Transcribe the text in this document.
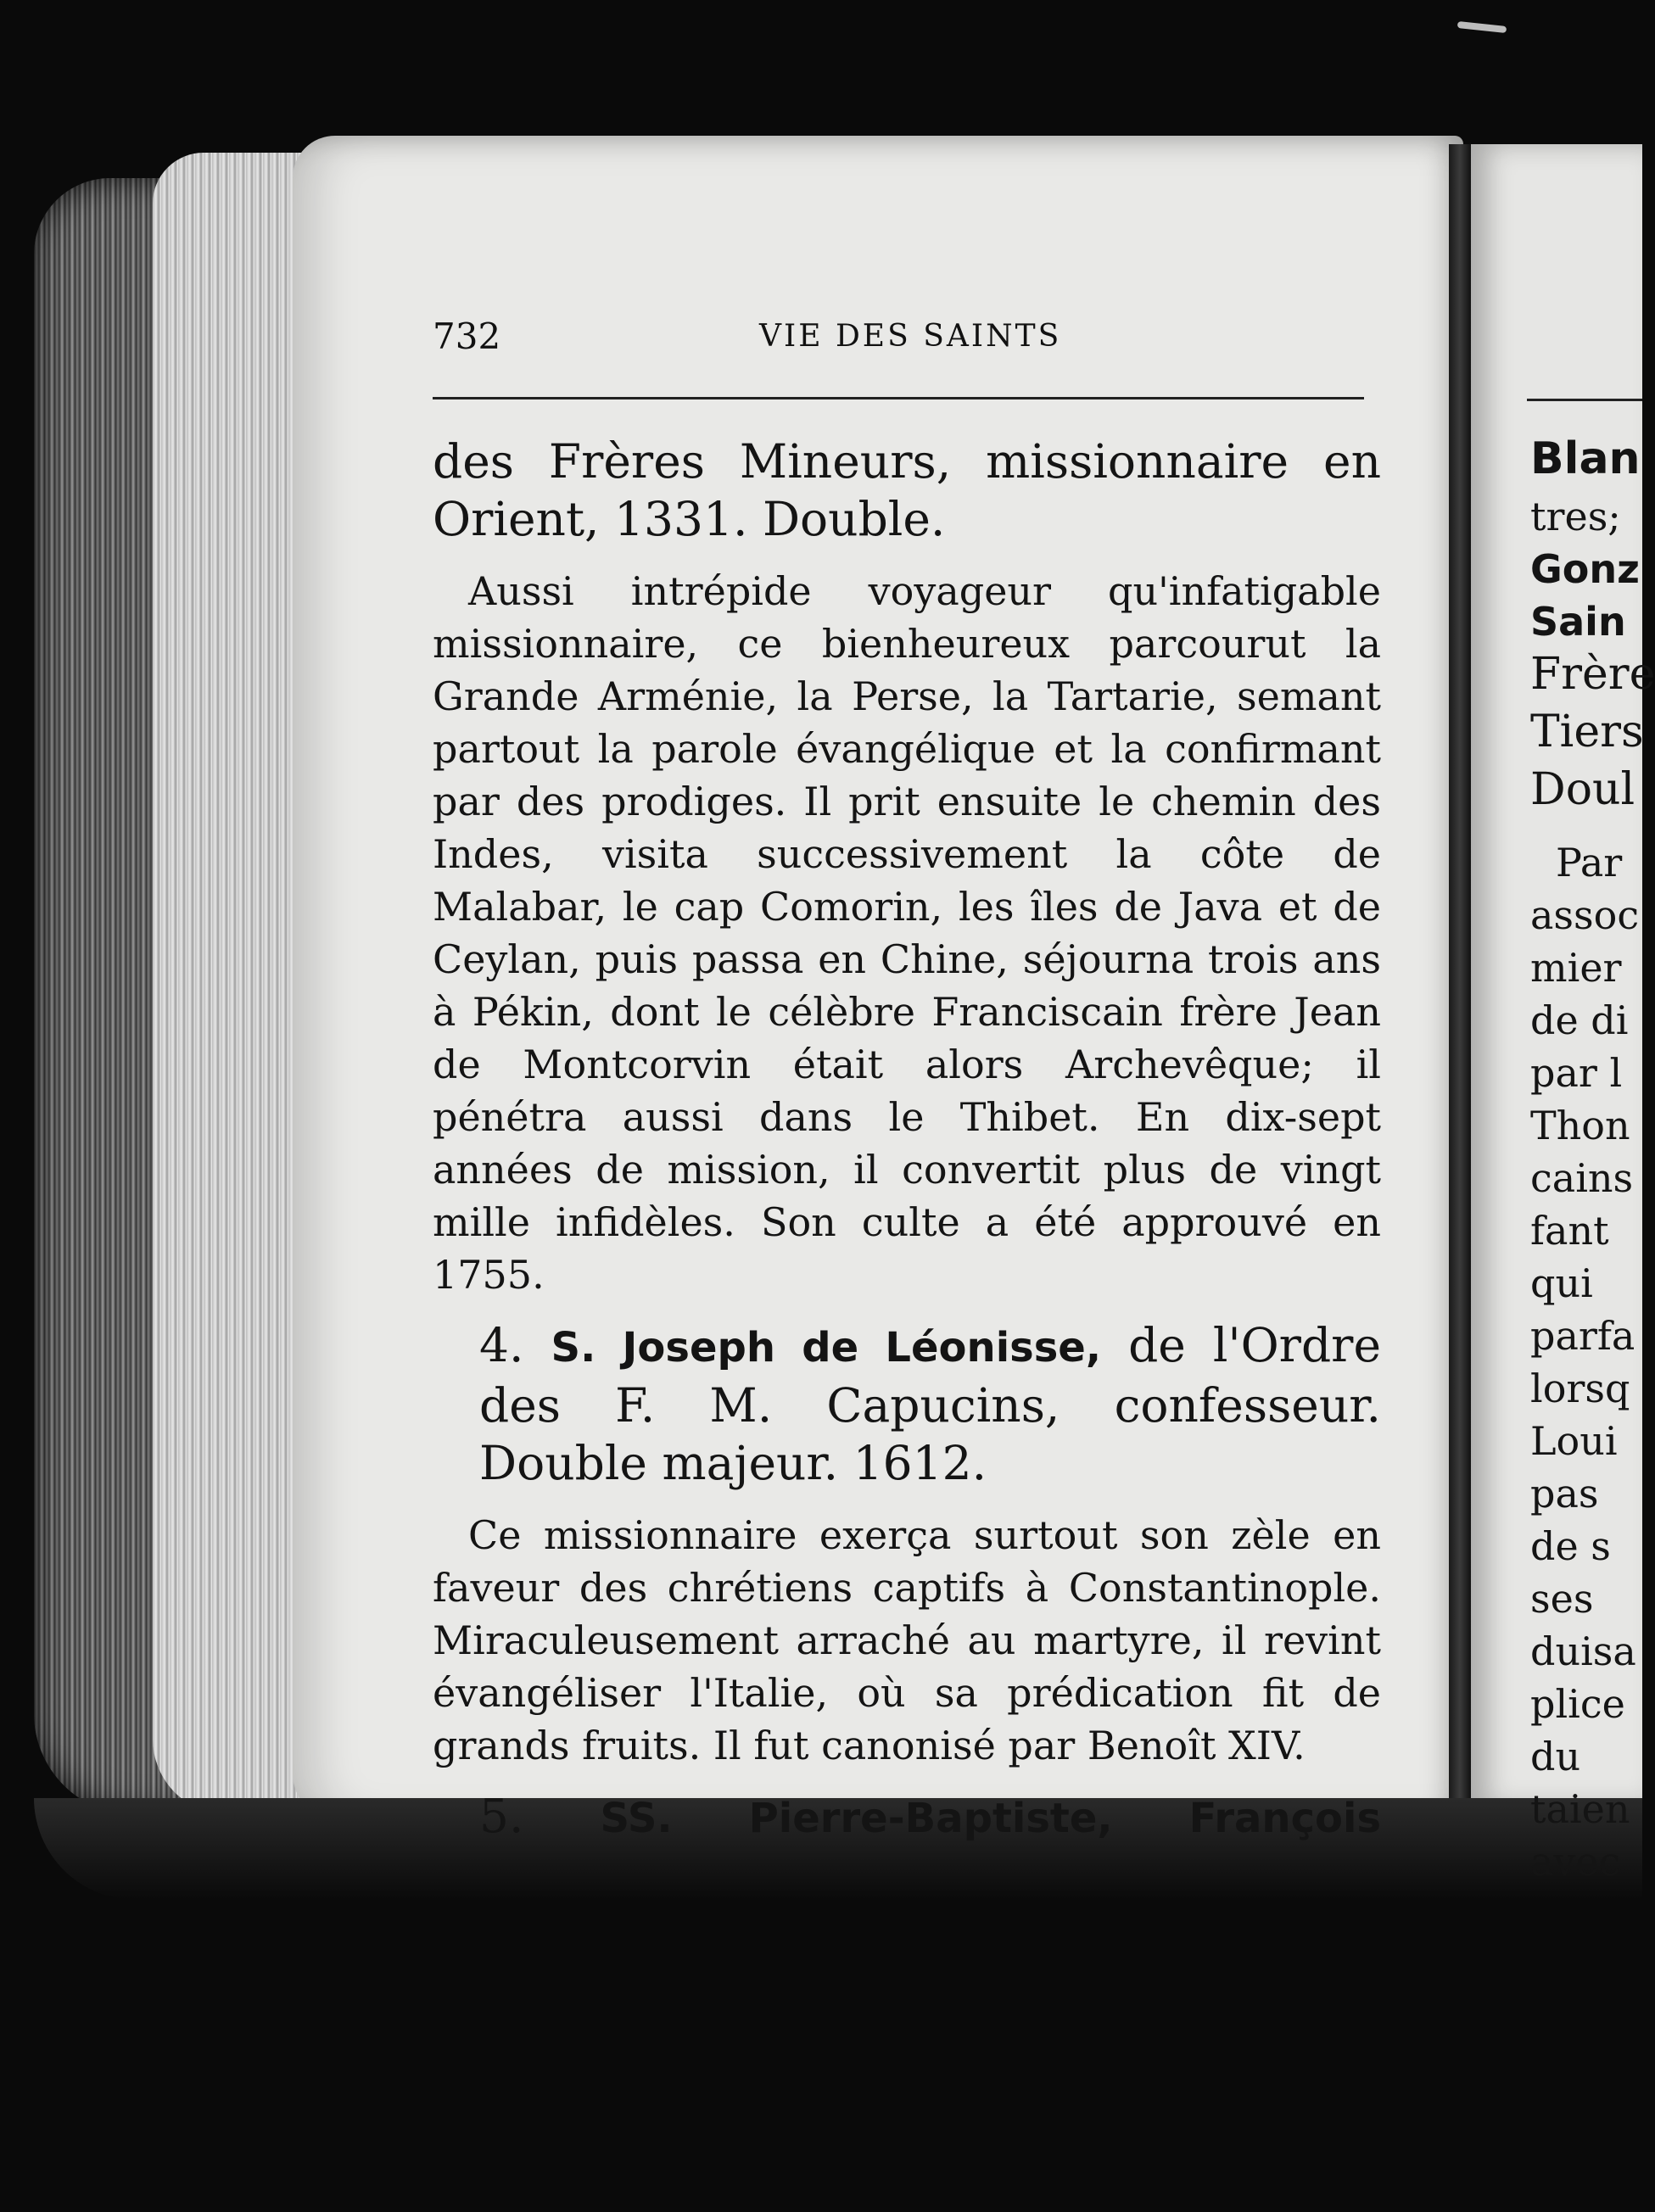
732	VIE DES SAINTS

des Frères Mineurs, missionnaire en Orient, 1331. Double.

Aussi intrépide voyageur qu'infatigable missionnaire, ce bienheureux parcourut la Grande Arménie, la Perse, la Tartarie, semant partout la parole évangélique et la confirmant par des prodiges. Il prit ensuite le chemin des Indes, visita successivement la côte de Malabar, le cap Comorin, les îles de Java et de Ceylan, puis passa en Chine, séjourna trois ans à Pékin, dont le célèbre Franciscain frère Jean de Montcorvin était alors Archevêque; il pénétra aussi dans le Thibet. En dix-sept années de mission, il convertit plus de vingt mille infidèles. Son culte a été approuvé en 1755.

4. S. Joseph de Léonisse, de l'Ordre des F. M. Capucins, confesseur. Double majeur. 1612.

Ce missionnaire exerça surtout son zèle en faveur des chrétiens captifs à Constantinople. Miraculeusement arraché au martyre, il revint évangéliser l'Italie, où sa prédication fit de grands fruits. Il fut canonisé par Benoît XIV.

5. SS. Pierre-Baptiste, François

Blan
tres;
Gonz
Sain
Frère
Tiers
Doul
Par
assoc
mier
de di
par l
Thon
cains
fant
qui
parfa
lorsq
Loui
pas
de s
ses
duisa
plice
du
taien
avec
